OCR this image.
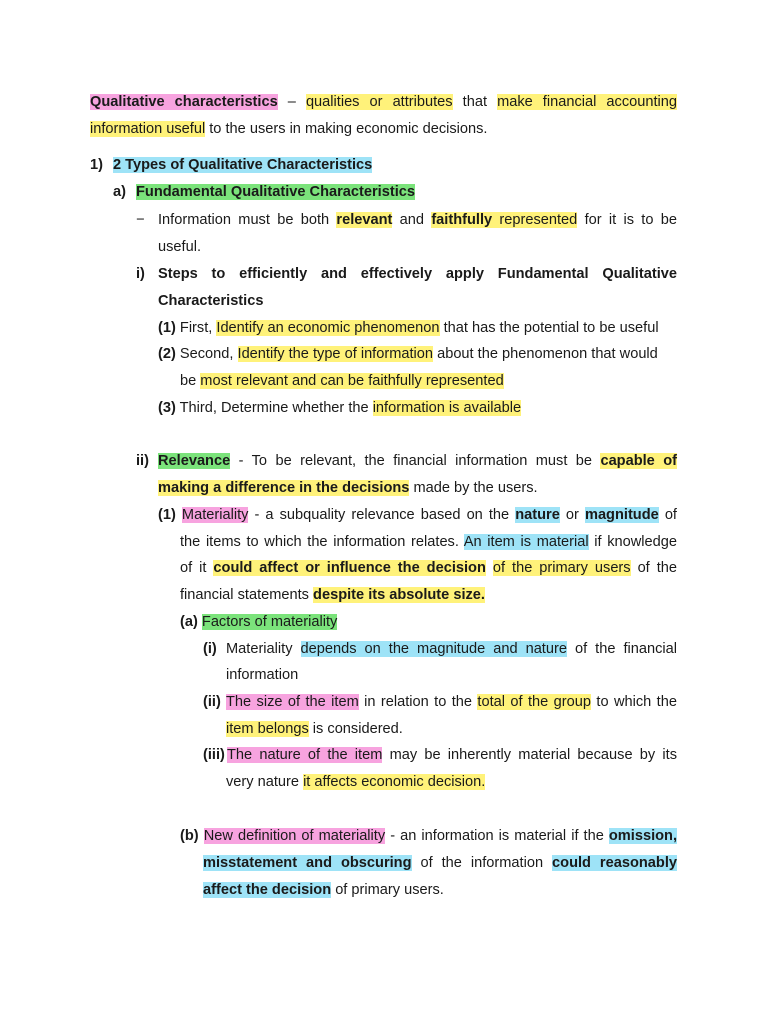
Qualitative characteristics – qualities or attributes that make financial accounting
information useful to the users in making economic decisions.
1) 2 Types of Qualitative Characteristics
a) Fundamental Qualitative Characteristics
− Information must be both relevant and faithfully represented for it is to be
useful.
i) Steps to efficiently and effectively apply Fundamental Qualitative
Characteristics
(1) First, Identify an economic phenomenon that has the potential to be useful
(2) Second, Identify the type of information about the phenomenon that would
be most relevant and can be faithfully represented
(3) Third, Determine whether the information is available
ii) Relevance - To be relevant, the financial information must be capable of
making a difference in the decisions made by the users.
(1) Materiality - a subquality relevance based on the nature or magnitude of
the items to which the information relates. An item is material if knowledge
of it could affect or influence the decision of the primary users of the
financial statements despite its absolute size.
(a) Factors of materiality
(i) Materiality depends on the magnitude and nature of the financial
information
(ii) The size of the item in relation to the total of the group to which the
item belongs is considered.
(iii) The nature of the item may be inherently material because by its
very nature it affects economic decision.
(b) New definition of materiality - an information is material if the omission,
misstatement and obscuring of the information could reasonably
affect the decision of primary users.
